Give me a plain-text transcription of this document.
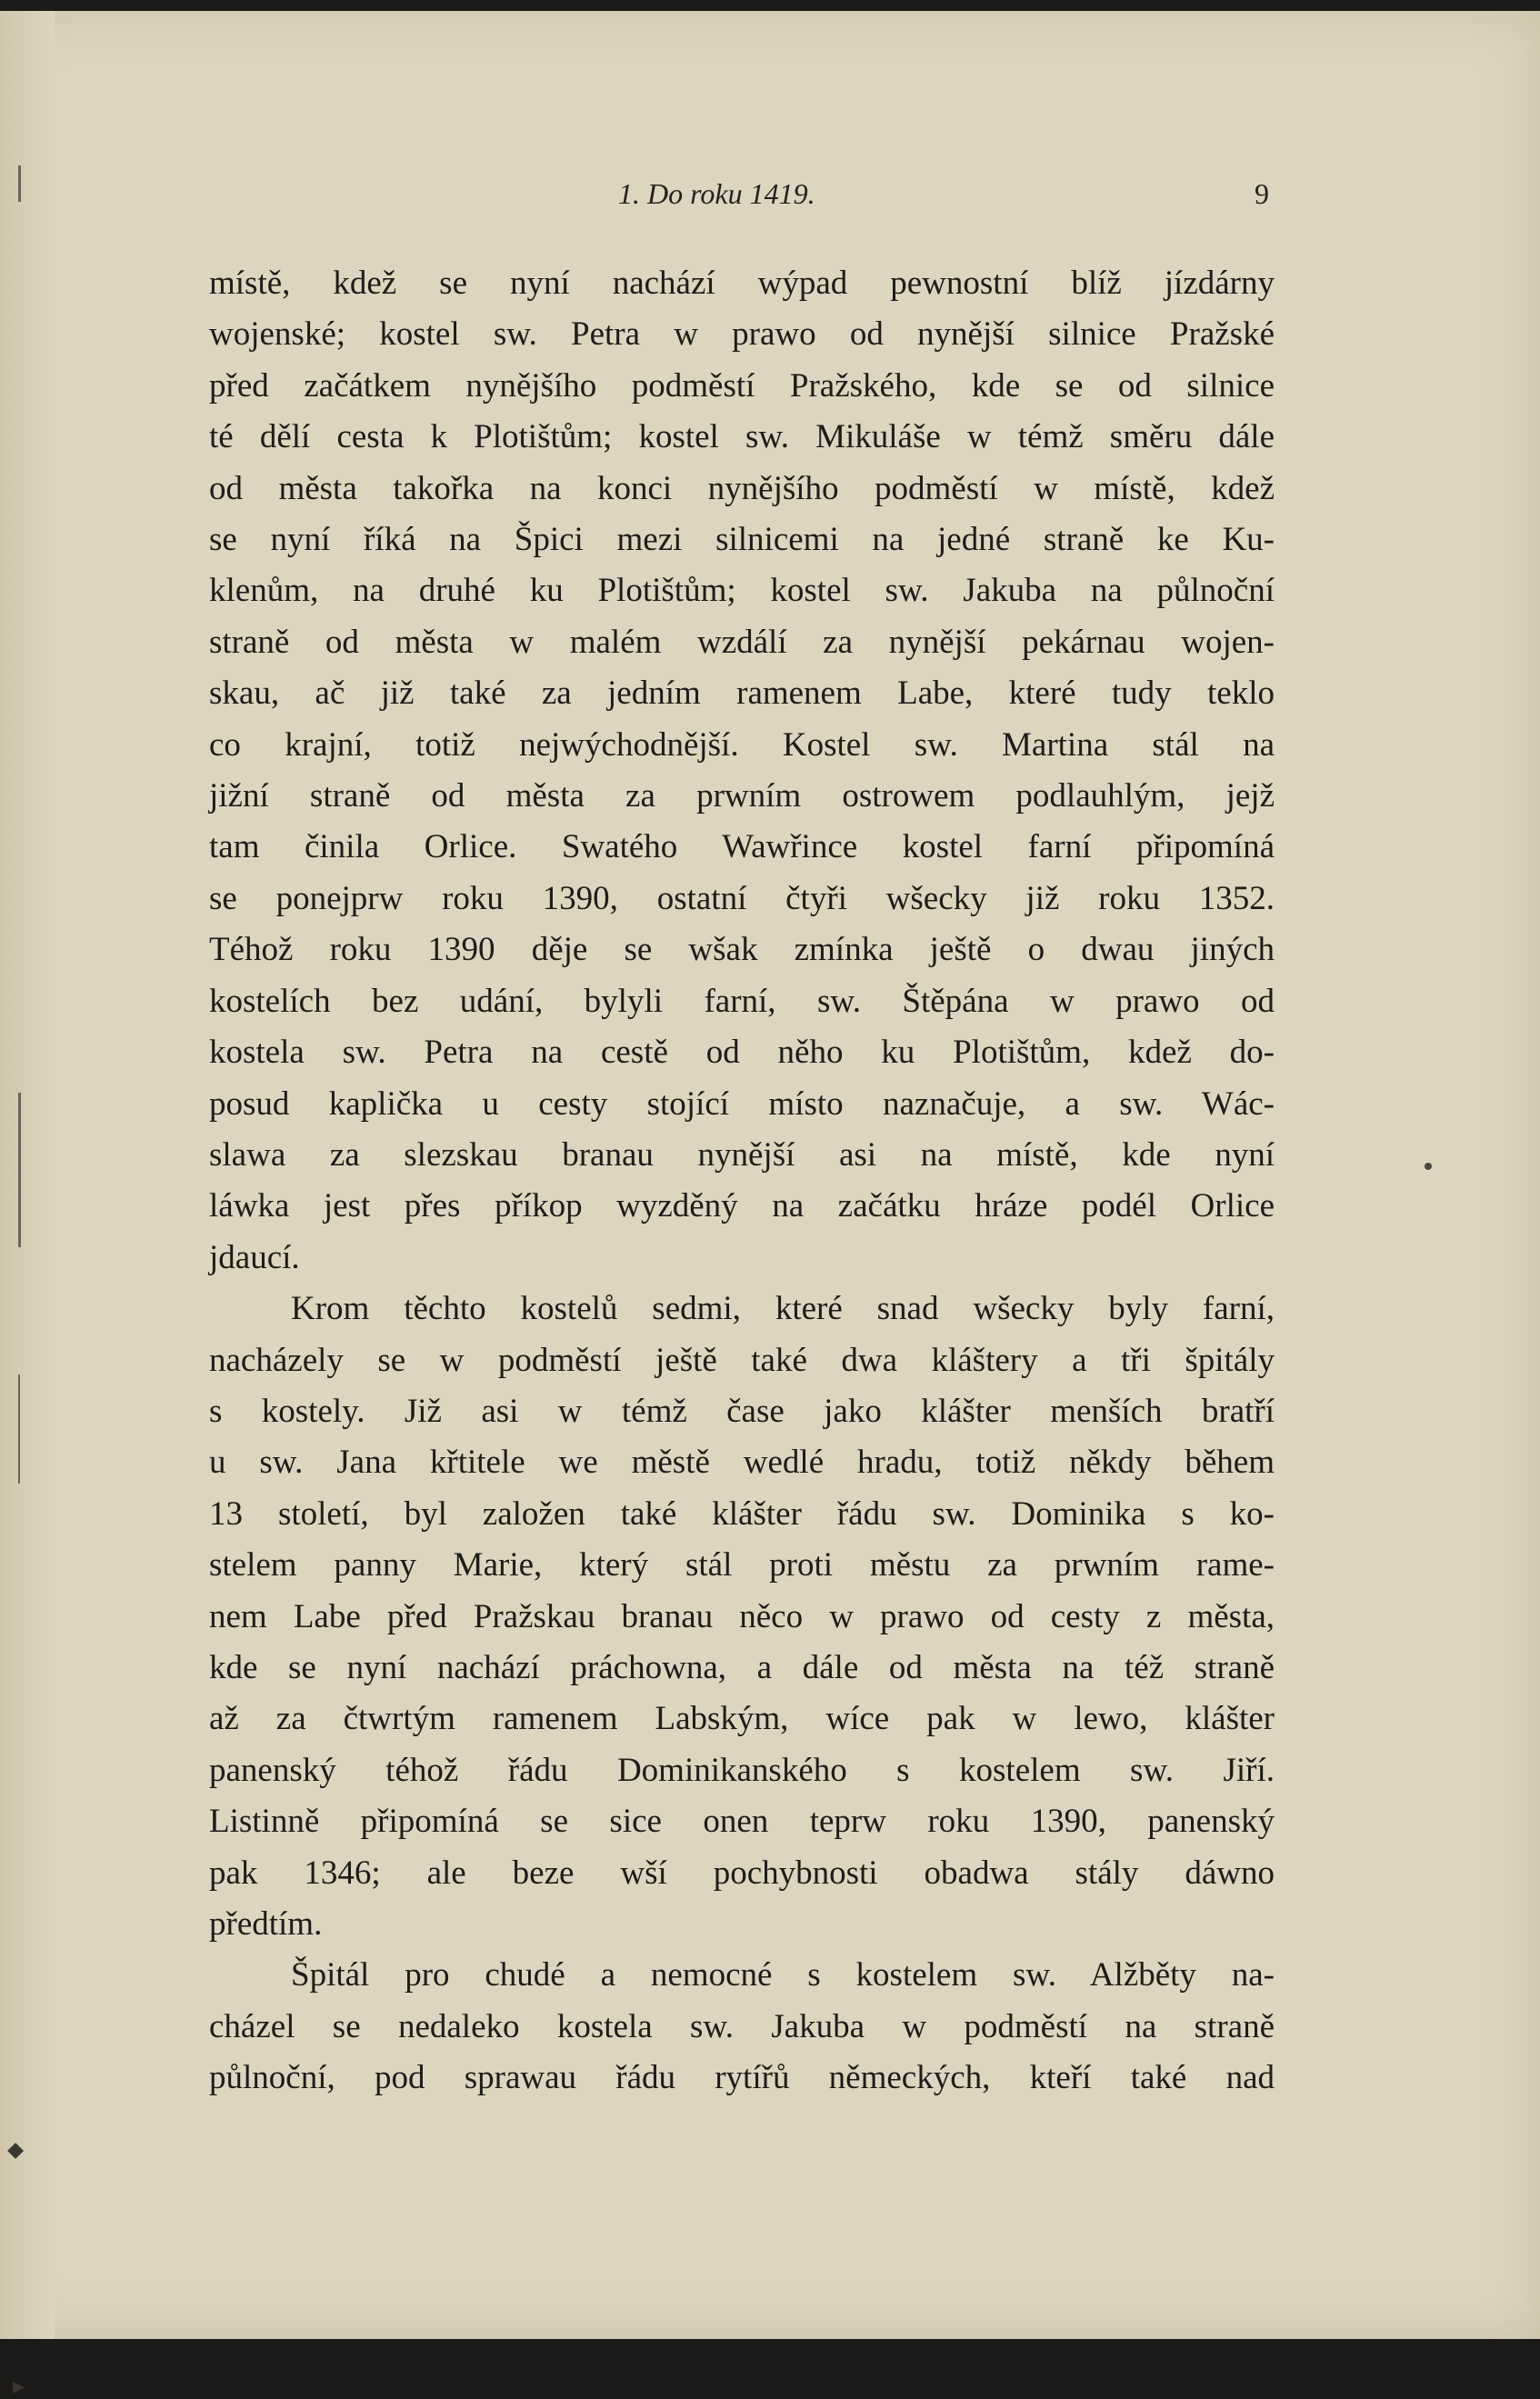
⬥
▸
1. Do roku 1419.	9

místě, kdež se nyní nachází wýpad pewnostní blíž jízdárny
wojenské; kostel sw. Petra w prawo od nynější silnice Pražské
před začátkem nynějšího podměstí Pražského, kde se od silnice
té dělí cesta k Plotištům; kostel sw. Mikuláše w témž směru dále
od města takořka na konci nynějšího podměstí w místě, kdež
se nyní říká na Špici mezi silnicemi na jedné straně ke Ku-
klenům, na druhé ku Plotištům; kostel sw. Jakuba na půlnoční
straně od města w malém wzdálí za nynější pekárnau wojen-
skau, ač již také za jedním ramenem Labe, které tudy teklo
co krajní, totiž nejwýchodnější. Kostel sw. Martina stál na
jižní straně od města za prwním ostrowem podlauhlým, jejž
tam činila Orlice. Swatého Wawřince kostel farní připomíná
se ponejprw roku 1390, ostatní čtyři wšecky již roku 1352.
Téhož roku 1390 děje se wšak zmínka ještě o dwau jiných
kostelích bez udání, bylyli farní, sw. Štěpána w prawo od
kostela sw. Petra na cestě od něho ku Plotištům, kdež do-
posud kaplička u cesty stojící místo naznačuje, a sw. Wác-
slawa za slezskau branau nynější asi na místě, kde nyní
láwka jest přes příkop wyzděný na začátku hráze podél Orlice
jdaucí.

Krom těchto kostelů sedmi, které snad wšecky byly farní,
nacházely se w podměstí ještě také dwa kláštery a tři špitály
s kostely. Již asi w témž čase jako klášter menších bratří
u sw. Jana křtitele we městě wedlé hradu, totiž někdy během
13 století, byl založen také klášter řádu sw. Dominika s ko-
stelem panny Marie, který stál proti městu za prwním rame-
nem Labe před Pražskau branau něco w prawo od cesty z města,
kde se nyní nachází práchowna, a dále od města na též straně
až za čtwrtým ramenem Labským, wíce pak w lewo, klášter
panenský téhož řádu Dominikanského s kostelem sw. Jiří.
Listinně připomíná se sice onen teprw roku 1390, panenský
pak 1346; ale beze wší pochybnosti obadwa stály dáwno
předtím.

Špitál pro chudé a nemocné s kostelem sw. Alžběty na-
cházel se nedaleko kostela sw. Jakuba w podměstí na straně
půlnoční, pod sprawau řádu rytířů německých, kteří také nad
